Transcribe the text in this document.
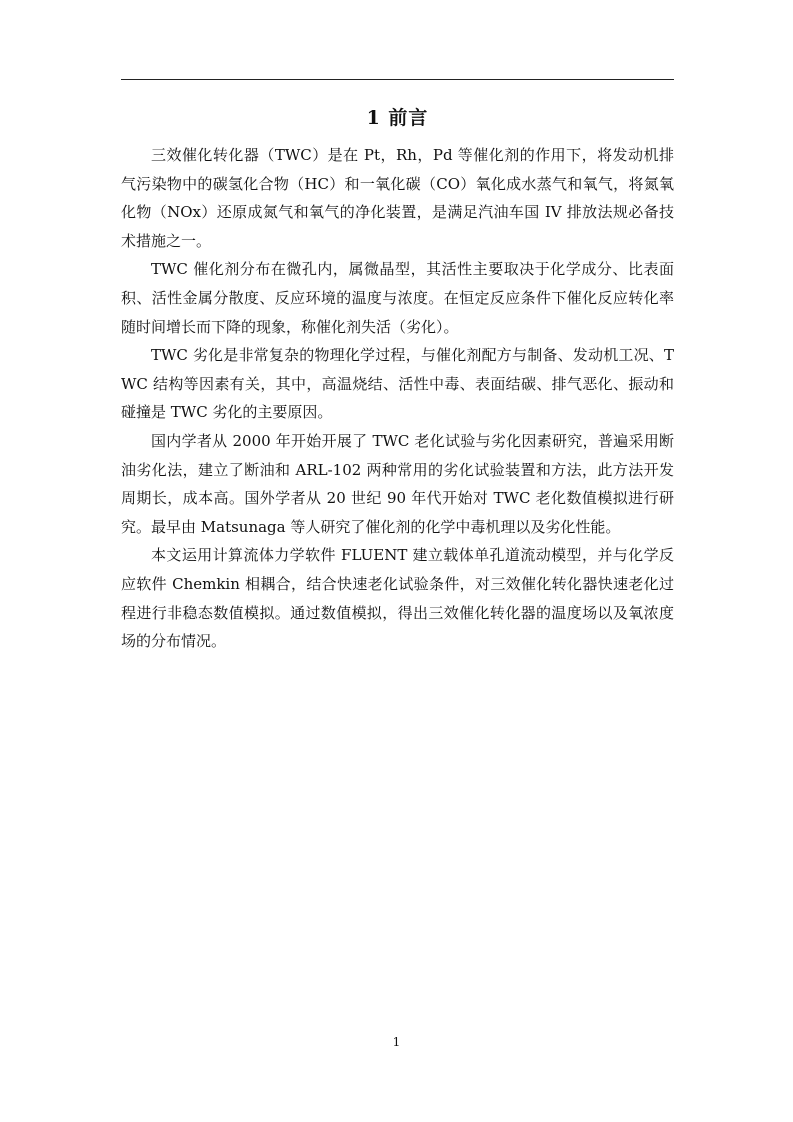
1 前言

三效催化转化器（TWC）是在 Pt，Rh，Pd 等催化剂的作用下，将发动机排气污染物中的碳氢化合物（HC）和一氧化碳（CO）氧化成水蒸气和氧气，将氮氧化物（NOx）还原成氮气和氧气的净化装置，是满足汽油车国 IV 排放法规必备技术措施之一。

TWC 催化剂分布在微孔内，属微晶型，其活性主要取决于化学成分、比表面积、活性金属分散度、反应环境的温度与浓度。在恒定反应条件下催化反应转化率随时间增长而下降的现象，称催化剂失活（劣化）。

TWC 劣化是非常复杂的物理化学过程，与催化剂配方与制备、发动机工况、TWC 结构等因素有关，其中，高温烧结、活性中毒、表面结碳、排气恶化、振动和碰撞是 TWC 劣化的主要原因。

国内学者从 2000 年开始开展了 TWC 老化试验与劣化因素研究，普遍采用断油劣化法，建立了断油和 ARL-102 两种常用的劣化试验装置和方法，此方法开发周期长，成本高。国外学者从 20 世纪 90 年代开始对 TWC 老化数值模拟进行研究。最早由 Matsunaga 等人研究了催化剂的化学中毒机理以及劣化性能。

本文运用计算流体力学软件 FLUENT 建立载体单孔道流动模型，并与化学反应软件 Chemkin 相耦合，结合快速老化试验条件，对三效催化转化器快速老化过程进行非稳态数值模拟。通过数值模拟，得出三效催化转化器的温度场以及氧浓度场的分布情况。

1
